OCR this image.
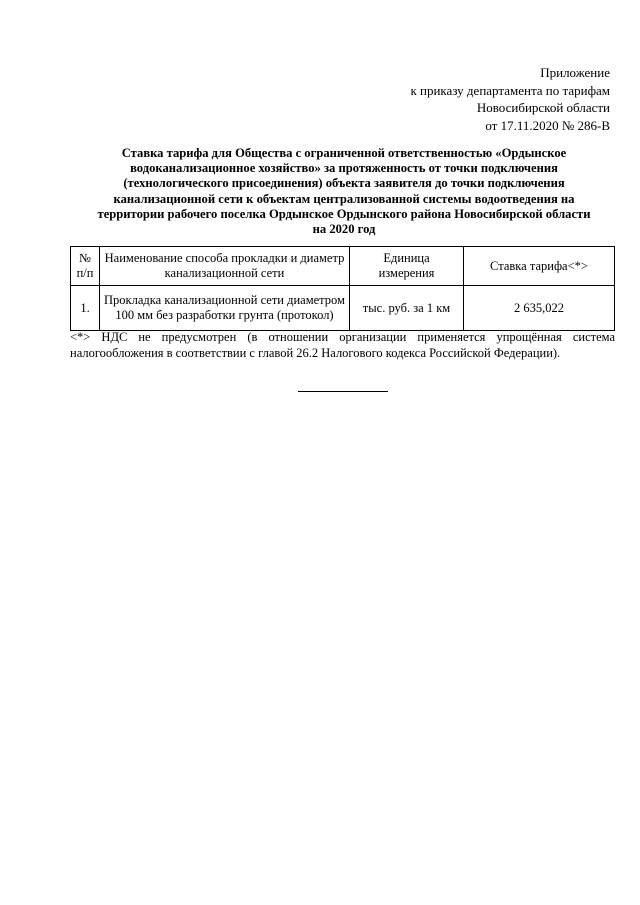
Приложение
к приказу департамента по тарифам
Новосибирской области
от 17.11.2020 № 286-В
Ставка тарифа для Общества с ограниченной ответственностью «Ордынское
водоканализационное хозяйство» за протяженность от точки подключения
(технологического присоединения) объекта заявителя до точки подключения
канализационной сети к объектам централизованной системы водоотведения на
территории рабочего поселка Ордынское Ордынского района Новосибирской области
на 2020 год
№
п/п	Наименование способа прокладки и диаметр канализационной сети	Единица измерения	Ставка тарифа<*>
1.	Прокладка канализационной сети диаметром 100 мм без разработки грунта (протокол)	тыс. руб. за 1 км	2 635,022
<*> НДС не предусмотрен (в отношении организации применяется упрощённая система налогообложения в соответствии с главой 26.2 Налогового кодекса Российской Федерации).
